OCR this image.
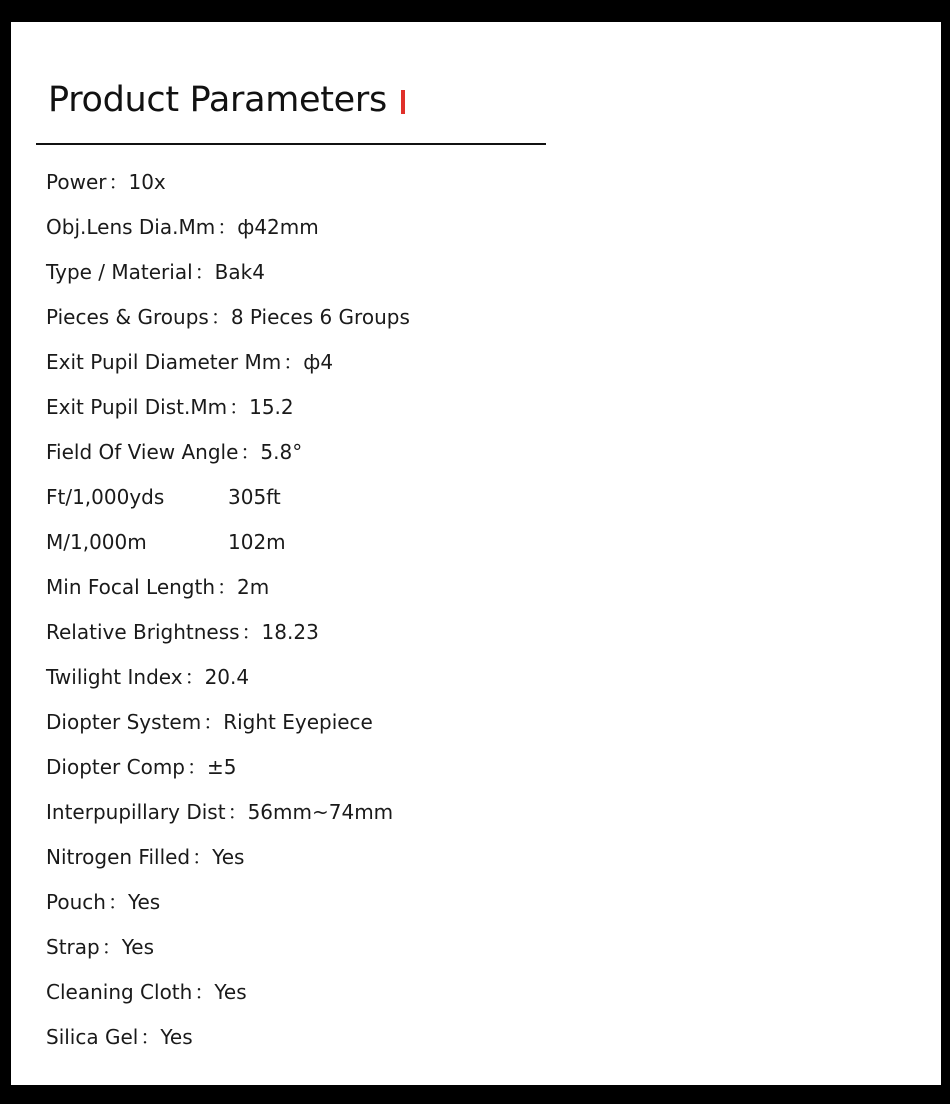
Product Parameters
Power ：	10x
Obj.Lens Dia.Mm ：	ф42mm
Type / Material ：	Bak4
Pieces & Groups ：	8 Pieces 6 Groups
Exit Pupil Diameter Mm ：	ф4
Exit Pupil Dist.Mm ：	15.2
Field Of View Angle ：	5.8°
Ft/1,000yds	305ft
M/1,000m	102m
Min Focal Length ：	2m
Relative Brightness ：	18.23
Twilight Index ：	20.4
Diopter System ：	Right Eyepiece
Diopter Comp ：	±5
Interpupillary Dist ：	56mm~74mm
Nitrogen Filled ：	Yes
Pouch ：	Yes
Strap ：	Yes
Cleaning Cloth ：	Yes
Silica Gel ：	Yes
